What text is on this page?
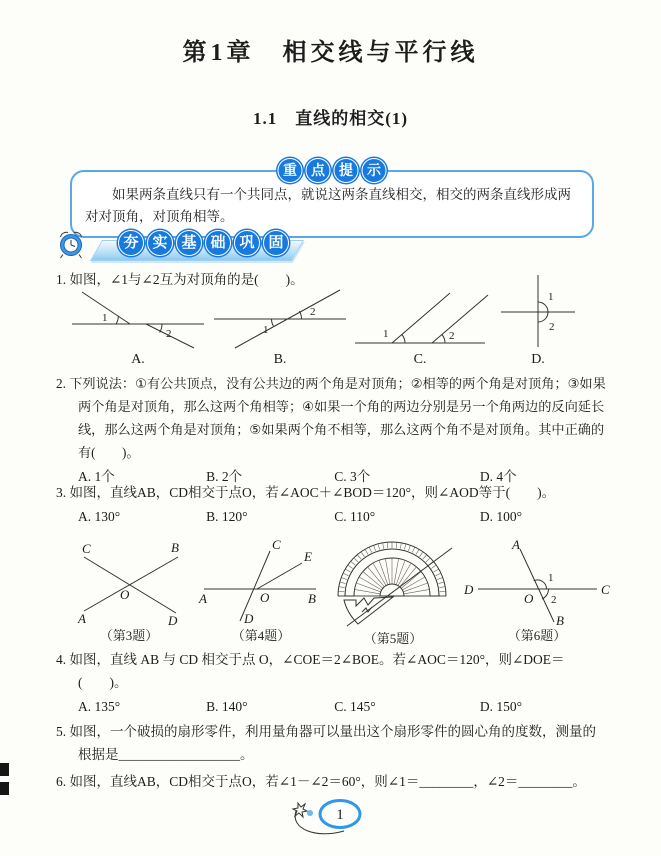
第1章　相交线与平行线
1.1　直线的相交(1)
重	点	提	示
如果两条直线只有一个共同点，就说这两条直线相交，相交的两条直线形成两对对顶角，对顶角相等。
夯 实 基 础 巩 固
1. 如图，∠1与∠2互为对顶角的是(　　)。
1
2
A.
1
2
B.
1	2
C.
1
2
D.
2. 下列说法：①有公共顶点，没有公共边的两个角是对顶角；②相等的两个角是对顶角；③如果两个角是对顶角，那么这两个角相等；④如果一个角的两边分别是另一个角两边的反向延长线，那么这两个角是对顶角；⑤如果两个角不相等，那么这两个角不是对顶角。其中正确的有(　　)。
A. 1个	B. 2个	C. 3个	D. 4个
3. 如图，直线AB，CD相交于点O，若∠AOC＋∠BOD＝120°，则∠AOD等于(　　)。
A. 130°	B. 120°	C. 110°	D. 100°
C	B
A	D
O
（第3题）
C
E
A	B
O
D
（第4题）	（第5题）
A
D	C
B
O
1
2
（第6题）
4. 如图，直线 AB 与 CD 相交于点 O，∠COE＝2∠BOE。若∠AOC＝120°，则∠DOE＝
(　　)。
A. 135°	B. 140°	C. 145°	D. 150°
5. 如图，一个破损的扇形零件，利用量角器可以量出这个扇形零件的圆心角的度数，测量的根据是__________________。
6. 如图，直线AB，CD相交于点O，若∠1－∠2＝60°，则∠1＝________，∠2＝________。
1
